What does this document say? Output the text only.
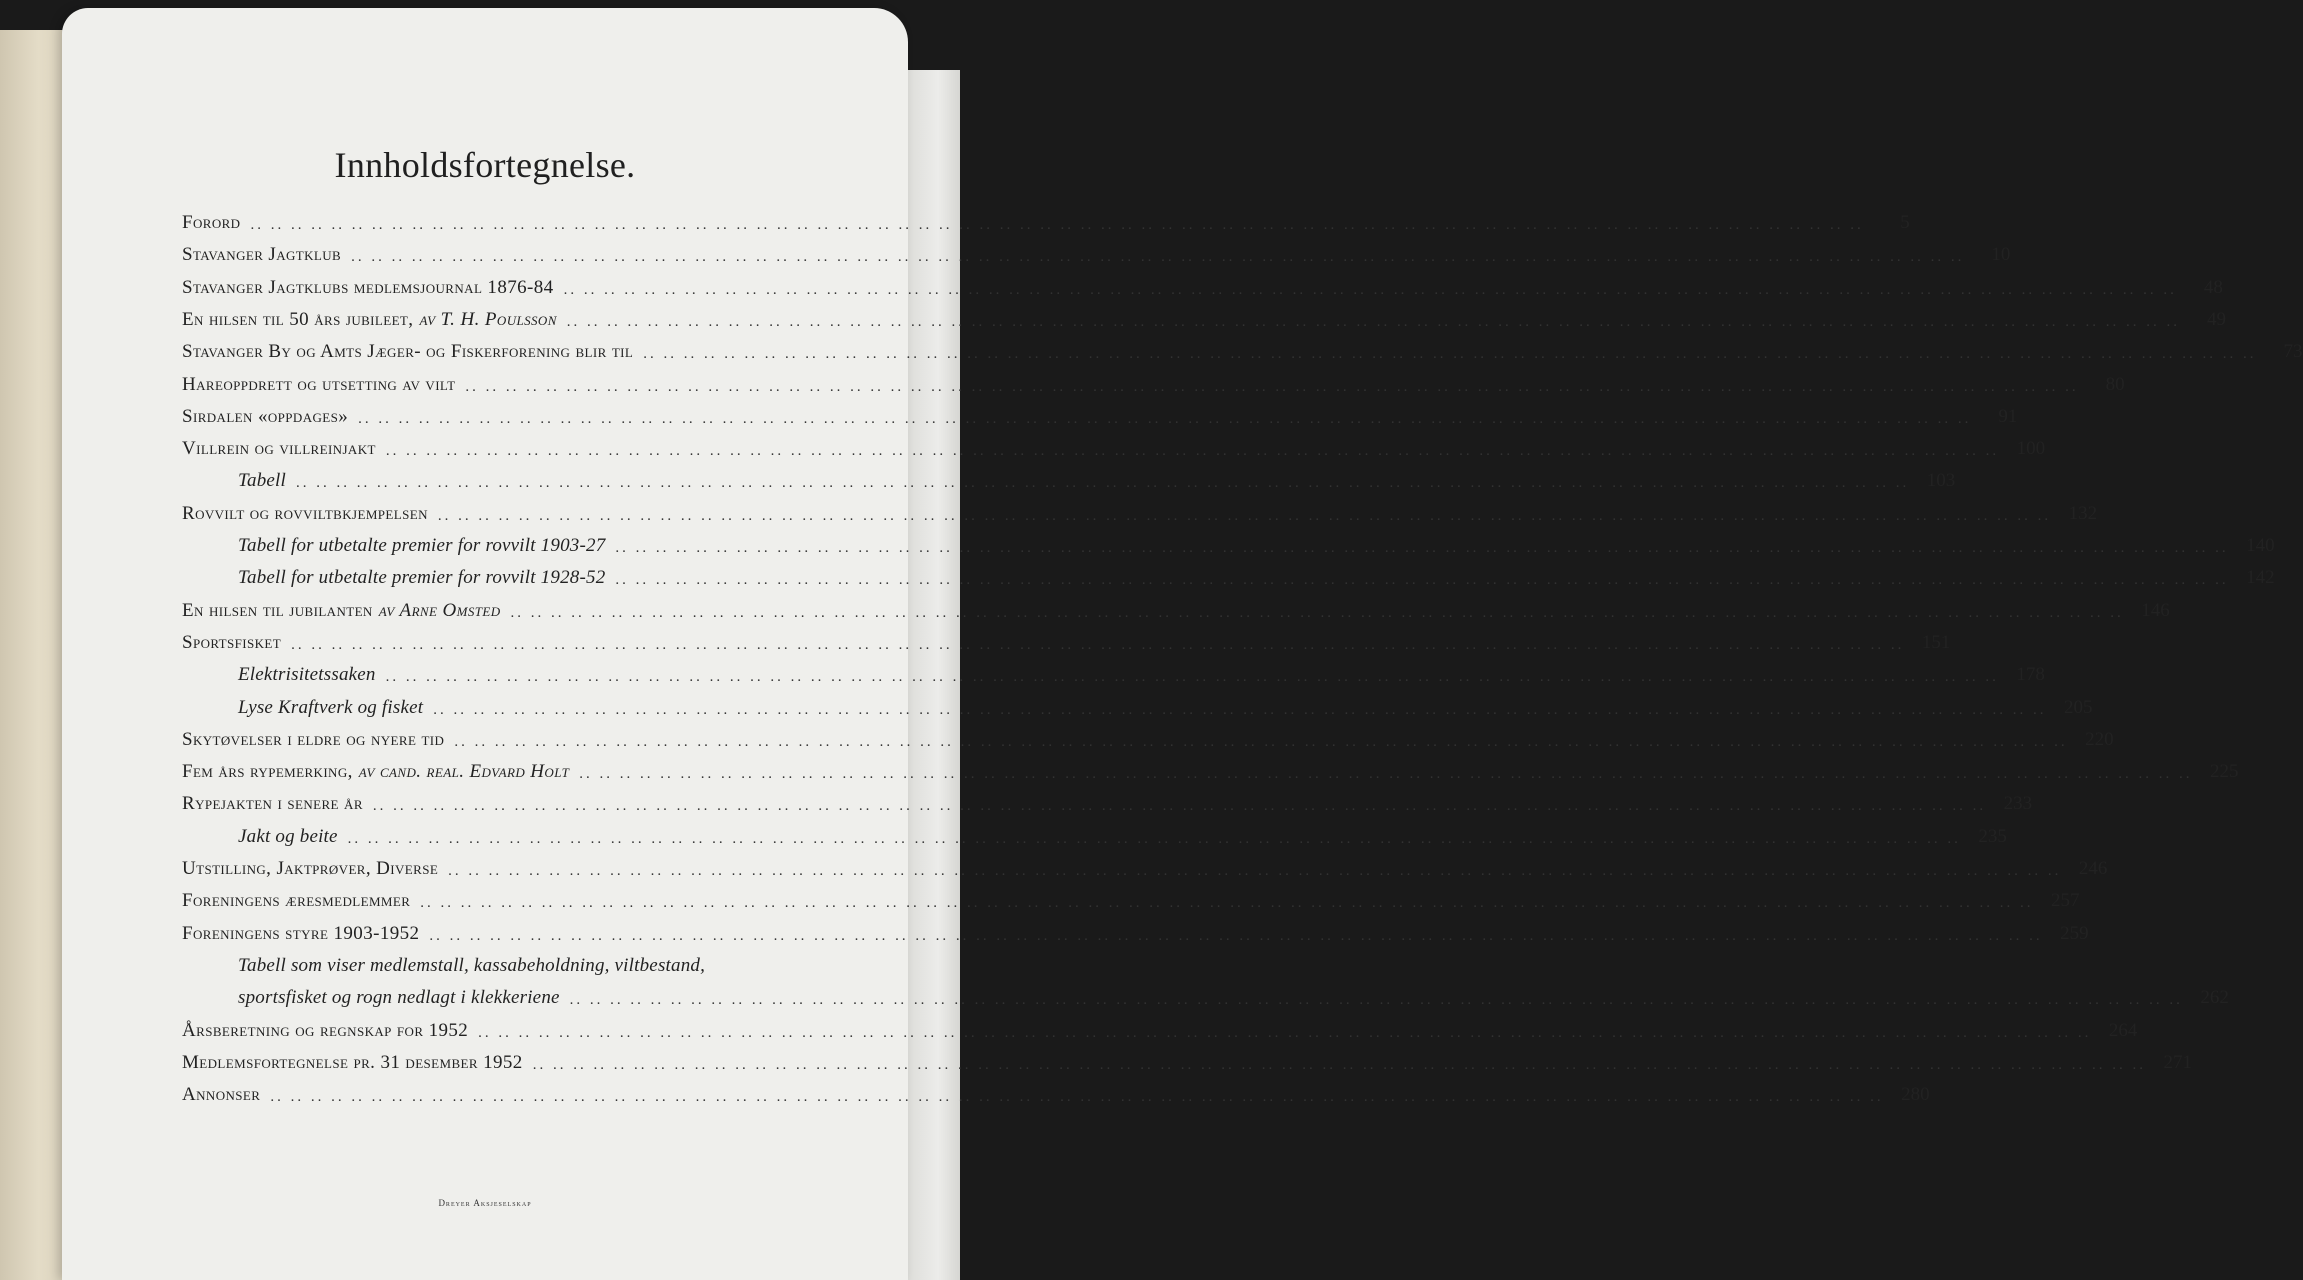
Innholdsfortegnelse.
Forord .. .. .. .. .. .. .. .. .. .. .. .. .. .. .. .. .. .. .. .. .. .. .. .. .. .. .. .. .. .. .. .. .. .. .. .. .. .. .. .. .. .. .. .. .. .. .. .. .. .. .. .. .. .. .. .. .. .. .. .. .. .. .. .. .. .. .. .. .. .. .. .. .. .. .. .. .. .. .. ..	5
Stavanger Jagtklub .. .. .. .. .. .. .. .. .. .. .. .. .. .. .. .. .. .. .. .. .. .. .. .. .. .. .. .. .. .. .. .. .. .. .. .. .. .. .. .. .. .. .. .. .. .. .. .. .. .. .. .. .. .. .. .. .. .. .. .. .. .. .. .. .. .. .. .. .. .. .. .. .. .. .. .. .. .. .. ..	10
Stavanger Jagtklubs medlemsjournal 1876-84 .. .. .. .. .. .. .. .. .. .. .. .. .. .. .. .. .. .. .. .. .. .. .. .. .. .. .. .. .. .. .. .. .. .. .. .. .. .. .. .. .. .. .. .. .. .. .. .. .. .. .. .. .. .. .. .. .. .. .. .. .. .. .. .. .. .. .. .. .. .. .. .. .. .. .. .. .. .. .. ..	48
En hilsen til 50 års jubileet, av T. H. Poulsson .. .. .. .. .. .. .. .. .. .. .. .. .. .. .. .. .. .. .. .. .. .. .. .. .. .. .. .. .. .. .. .. .. .. .. .. .. .. .. .. .. .. .. .. .. .. .. .. .. .. .. .. .. .. .. .. .. .. .. .. .. .. .. .. .. .. .. .. .. .. .. .. .. .. .. .. .. .. .. ..	49
Stavanger By og Amts Jæger- og Fiskerforening blir til .. .. .. .. .. .. .. .. .. .. .. .. .. .. .. .. .. .. .. .. .. .. .. .. .. .. .. .. .. .. .. .. .. .. .. .. .. .. .. .. .. .. .. .. .. .. .. .. .. .. .. .. .. .. .. .. .. .. .. .. .. .. .. .. .. .. .. .. .. .. .. .. .. .. .. .. .. .. .. ..	73
Hareoppdrett og utsetting av vilt .. .. .. .. .. .. .. .. .. .. .. .. .. .. .. .. .. .. .. .. .. .. .. .. .. .. .. .. .. .. .. .. .. .. .. .. .. .. .. .. .. .. .. .. .. .. .. .. .. .. .. .. .. .. .. .. .. .. .. .. .. .. .. .. .. .. .. .. .. .. .. .. .. .. .. .. .. .. .. ..	80
Sirdalen «oppdages» .. .. .. .. .. .. .. .. .. .. .. .. .. .. .. .. .. .. .. .. .. .. .. .. .. .. .. .. .. .. .. .. .. .. .. .. .. .. .. .. .. .. .. .. .. .. .. .. .. .. .. .. .. .. .. .. .. .. .. .. .. .. .. .. .. .. .. .. .. .. .. .. .. .. .. .. .. .. .. ..	91
Villrein og villreinjakt .. .. .. .. .. .. .. .. .. .. .. .. .. .. .. .. .. .. .. .. .. .. .. .. .. .. .. .. .. .. .. .. .. .. .. .. .. .. .. .. .. .. .. .. .. .. .. .. .. .. .. .. .. .. .. .. .. .. .. .. .. .. .. .. .. .. .. .. .. .. .. .. .. .. .. .. .. .. .. .. 100
Tabell .. .. .. .. .. .. .. .. .. .. .. .. .. .. .. .. .. .. .. .. .. .. .. .. .. .. .. .. .. .. .. .. .. .. .. .. .. .. .. .. .. .. .. .. .. .. .. .. .. .. .. .. .. .. .. .. .. .. .. .. .. .. .. .. .. .. .. .. .. .. .. .. .. .. .. .. .. .. .. .. 103
Rovvilt og rovviltbkjempelsen .. .. .. .. .. .. .. .. .. .. .. .. .. .. .. .. .. .. .. .. .. .. .. .. .. .. .. .. .. .. .. .. .. .. .. .. .. .. .. .. .. .. .. .. .. .. .. .. .. .. .. .. .. .. .. .. .. .. .. .. .. .. .. .. .. .. .. .. .. .. .. .. .. .. .. .. .. .. .. .. 132
Tabell for utbetalte premier for rovvilt 1903-27 .. .. .. .. .. .. .. .. .. .. .. .. .. .. .. .. .. .. .. .. .. .. .. .. .. .. .. .. .. .. .. .. .. .. .. .. .. .. .. .. .. .. .. .. .. .. .. .. .. .. .. .. .. .. .. .. .. .. .. .. .. .. .. .. .. .. .. .. .. .. .. .. .. .. .. .. .. .. .. .. 140
Tabell for utbetalte premier for rovvilt 1928-52 .. .. .. .. .. .. .. .. .. .. .. .. .. .. .. .. .. .. .. .. .. .. .. .. .. .. .. .. .. .. .. .. .. .. .. .. .. .. .. .. .. .. .. .. .. .. .. .. .. .. .. .. .. .. .. .. .. .. .. .. .. .. .. .. .. .. .. .. .. .. .. .. .. .. .. .. .. .. .. .. 142
En hilsen til jubilanten av Arne Omsted .. .. .. .. .. .. .. .. .. .. .. .. .. .. .. .. .. .. .. .. .. .. .. .. .. .. .. .. .. .. .. .. .. .. .. .. .. .. .. .. .. .. .. .. .. .. .. .. .. .. .. .. .. .. .. .. .. .. .. .. .. .. .. .. .. .. .. .. .. .. .. .. .. .. .. .. .. .. .. .. 146
Sportsfisket .. .. .. .. .. .. .. .. .. .. .. .. .. .. .. .. .. .. .. .. .. .. .. .. .. .. .. .. .. .. .. .. .. .. .. .. .. .. .. .. .. .. .. .. .. .. .. .. .. .. .. .. .. .. .. .. .. .. .. .. .. .. .. .. .. .. .. .. .. .. .. .. .. .. .. .. .. .. .. .. 151
Elektrisitetssaken .. .. .. .. .. .. .. .. .. .. .. .. .. .. .. .. .. .. .. .. .. .. .. .. .. .. .. .. .. .. .. .. .. .. .. .. .. .. .. .. .. .. .. .. .. .. .. .. .. .. .. .. .. .. .. .. .. .. .. .. .. .. .. .. .. .. .. .. .. .. .. .. .. .. .. .. .. .. .. .. 178
Lyse Kraftverk og fisket .. .. .. .. .. .. .. .. .. .. .. .. .. .. .. .. .. .. .. .. .. .. .. .. .. .. .. .. .. .. .. .. .. .. .. .. .. .. .. .. .. .. .. .. .. .. .. .. .. .. .. .. .. .. .. .. .. .. .. .. .. .. .. .. .. .. .. .. .. .. .. .. .. .. .. .. .. .. .. .. 205
Skytøvelser i eldre og nyere tid .. .. .. .. .. .. .. .. .. .. .. .. .. .. .. .. .. .. .. .. .. .. .. .. .. .. .. .. .. .. .. .. .. .. .. .. .. .. .. .. .. .. .. .. .. .. .. .. .. .. .. .. .. .. .. .. .. .. .. .. .. .. .. .. .. .. .. .. .. .. .. .. .. .. .. .. .. .. .. .. 220
Fem års rypemerking, av cand. real. Edvard Holt .. .. .. .. .. .. .. .. .. .. .. .. .. .. .. .. .. .. .. .. .. .. .. .. .. .. .. .. .. .. .. .. .. .. .. .. .. .. .. .. .. .. .. .. .. .. .. .. .. .. .. .. .. .. .. .. .. .. .. .. .. .. .. .. .. .. .. .. .. .. .. .. .. .. .. .. .. .. .. .. 225
Rypejakten i senere år .. .. .. .. .. .. .. .. .. .. .. .. .. .. .. .. .. .. .. .. .. .. .. .. .. .. .. .. .. .. .. .. .. .. .. .. .. .. .. .. .. .. .. .. .. .. .. .. .. .. .. .. .. .. .. .. .. .. .. .. .. .. .. .. .. .. .. .. .. .. .. .. .. .. .. .. .. .. .. .. 233
Jakt og beite .. .. .. .. .. .. .. .. .. .. .. .. .. .. .. .. .. .. .. .. .. .. .. .. .. .. .. .. .. .. .. .. .. .. .. .. .. .. .. .. .. .. .. .. .. .. .. .. .. .. .. .. .. .. .. .. .. .. .. .. .. .. .. .. .. .. .. .. .. .. .. .. .. .. .. .. .. .. .. .. 235
Utstilling, Jaktprøver, Diverse .. .. .. .. .. .. .. .. .. .. .. .. .. .. .. .. .. .. .. .. .. .. .. .. .. .. .. .. .. .. .. .. .. .. .. .. .. .. .. .. .. .. .. .. .. .. .. .. .. .. .. .. .. .. .. .. .. .. .. .. .. .. .. .. .. .. .. .. .. .. .. .. .. .. .. .. .. .. .. .. 246
Foreningens æresmedlemmer .. .. .. .. .. .. .. .. .. .. .. .. .. .. .. .. .. .. .. .. .. .. .. .. .. .. .. .. .. .. .. .. .. .. .. .. .. .. .. .. .. .. .. .. .. .. .. .. .. .. .. .. .. .. .. .. .. .. .. .. .. .. .. .. .. .. .. .. .. .. .. .. .. .. .. .. .. .. .. .. 257
Foreningens styre 1903-1952 .. .. .. .. .. .. .. .. .. .. .. .. .. .. .. .. .. .. .. .. .. .. .. .. .. .. .. .. .. .. .. .. .. .. .. .. .. .. .. .. .. .. .. .. .. .. .. .. .. .. .. .. .. .. .. .. .. .. .. .. .. .. .. .. .. .. .. .. .. .. .. .. .. .. .. .. .. .. .. .. 259
Tabell som viser medlemstall, kassabeholdning, viltbestand,
sportsfisket og rogn nedlagt i klekkeriene .. .. .. .. .. .. .. .. .. .. .. .. .. .. .. .. .. .. .. .. .. .. .. .. .. .. .. .. .. .. .. .. .. .. .. .. .. .. .. .. .. .. .. .. .. .. .. .. .. .. .. .. .. .. .. .. .. .. .. .. .. .. .. .. .. .. .. .. .. .. .. .. .. .. .. .. .. .. .. .. 262
Årsberetning og regnskap for 1952 .. .. .. .. .. .. .. .. .. .. .. .. .. .. .. .. .. .. .. .. .. .. .. .. .. .. .. .. .. .. .. .. .. .. .. .. .. .. .. .. .. .. .. .. .. .. .. .. .. .. .. .. .. .. .. .. .. .. .. .. .. .. .. .. .. .. .. .. .. .. .. .. .. .. .. .. .. .. .. .. 264
Medlemsfortegnelse pr. 31 desember 1952 .. .. .. .. .. .. .. .. .. .. .. .. .. .. .. .. .. .. .. .. .. .. .. .. .. .. .. .. .. .. .. .. .. .. .. .. .. .. .. .. .. .. .. .. .. .. .. .. .. .. .. .. .. .. .. .. .. .. .. .. .. .. .. .. .. .. .. .. .. .. .. .. .. .. .. .. .. .. .. .. 271
Annonser .. .. .. .. .. .. .. .. .. .. .. .. .. .. .. .. .. .. .. .. .. .. .. .. .. .. .. .. .. .. .. .. .. .. .. .. .. .. .. .. .. .. .. .. .. .. .. .. .. .. .. .. .. .. .. .. .. .. .. .. .. .. .. .. .. .. .. .. .. .. .. .. .. .. .. .. .. .. .. .. 280
Dreyer Aksjeselskap
